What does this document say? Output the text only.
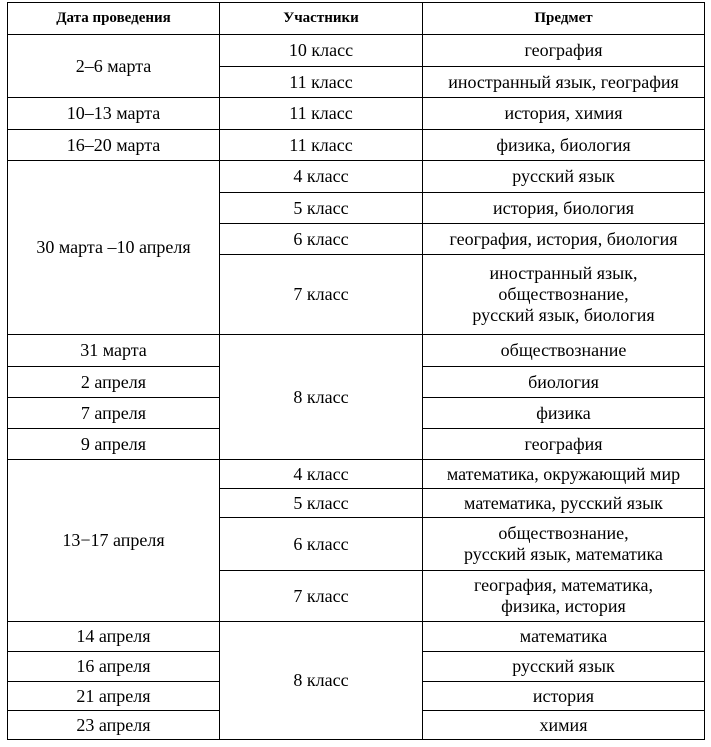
Дата проведения	Участники	Предмет
2–6 марта	10 класс	география

	11 класс	иностранный язык, география

10–13 марта	11 класс	история, химия

16–20 марта	11 класс	физика, биология

30 марта –10 апреля	4 класс	русский язык

	5 класс	история, биология

	6 класс	география, история, биология

	7 класс	иностранный язык,
обществознание,
русский язык, биология

31 марта	8 класс	обществознание

2 апреля		биология

7 апреля		физика

9 апреля		география

13−17 апреля	4 класс	математика, окружающий мир

	5 класс	математика, русский язык

	6 класс	обществознание,
русский язык, математика

	7 класс	география, математика,
физика, история

14 апреля	8 класс	математика

16 апреля		русский язык

21 апреля		история

23 апреля		химия
